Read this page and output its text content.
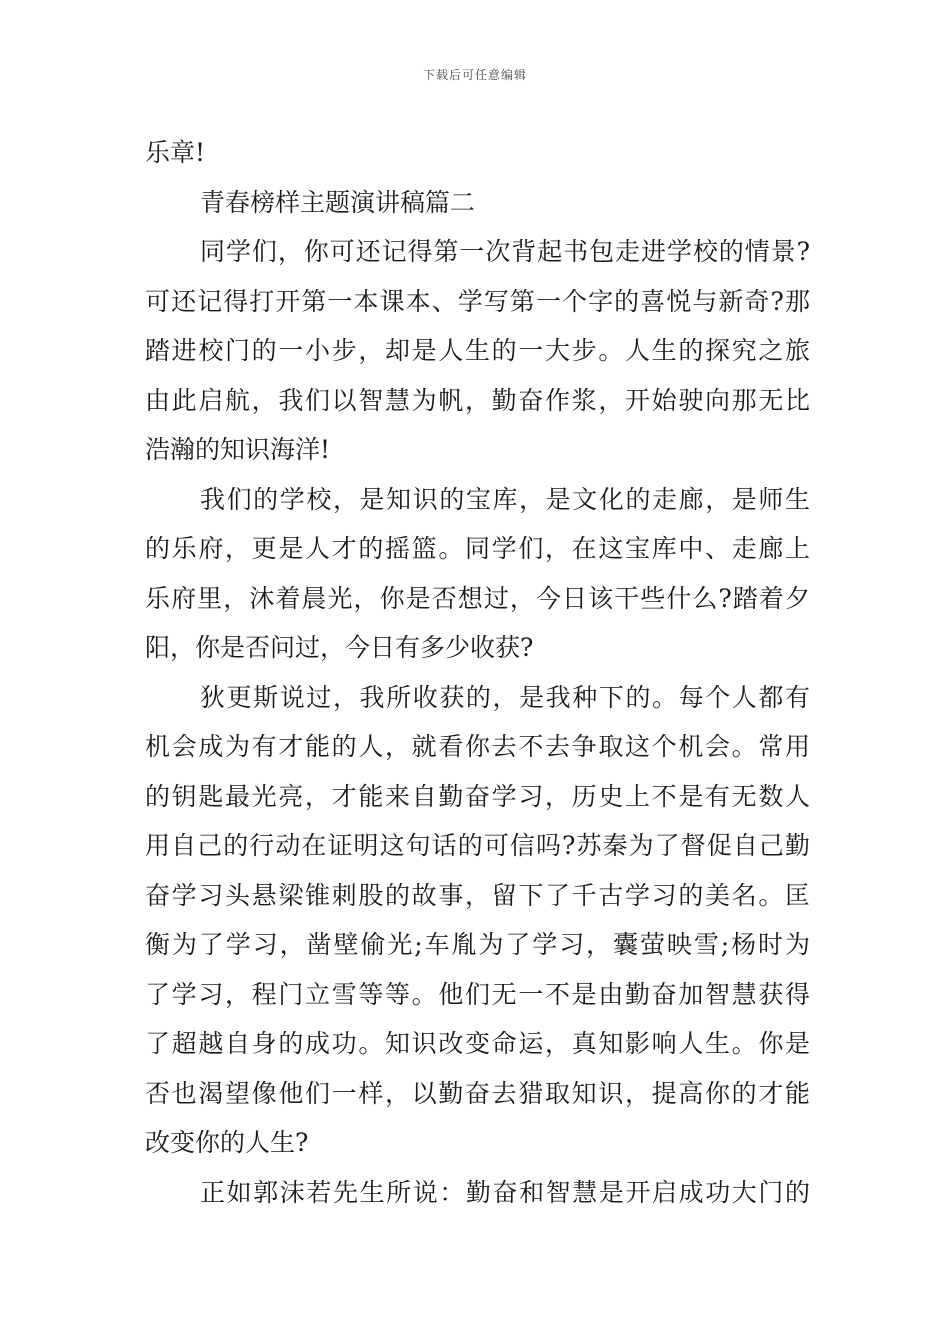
下载后可任意编辑
乐章!
青春榜样主题演讲稿篇二
同学们，你可还记得第一次背起书包走进学校的情景?
可还记得打开第一本课本、学写第一个字的喜悦与新奇?那
踏进校门的一小步，却是人生的一大步。人生的探究之旅
由此启航，我们以智慧为帆，勤奋作浆，开始驶向那无比
浩瀚的知识海洋!
我们的学校，是知识的宝库，是文化的走廊，是师生
的乐府，更是人才的摇篮。同学们，在这宝库中、走廊上
乐府里，沐着晨光，你是否想过，今日该干些什么?踏着夕
阳，你是否问过，今日有多少收获?
狄更斯说过，我所收获的，是我种下的。每个人都有
机会成为有才能的人，就看你去不去争取这个机会。常用
的钥匙最光亮，才能来自勤奋学习，历史上不是有无数人
用自己的行动在证明这句话的可信吗?苏秦为了督促自己勤
奋学习头悬梁锥刺股的故事，留下了千古学习的美名。匡
衡为了学习，凿壁偷光;车胤为了学习，囊萤映雪;杨时为
了学习，程门立雪等等。他们无一不是由勤奋加智慧获得
了超越自身的成功。知识改变命运，真知影响人生。你是
否也渴望像他们一样，以勤奋去猎取知识，提高你的才能
改变你的人生?
正如郭沫若先生所说：勤奋和智慧是开启成功大门的
